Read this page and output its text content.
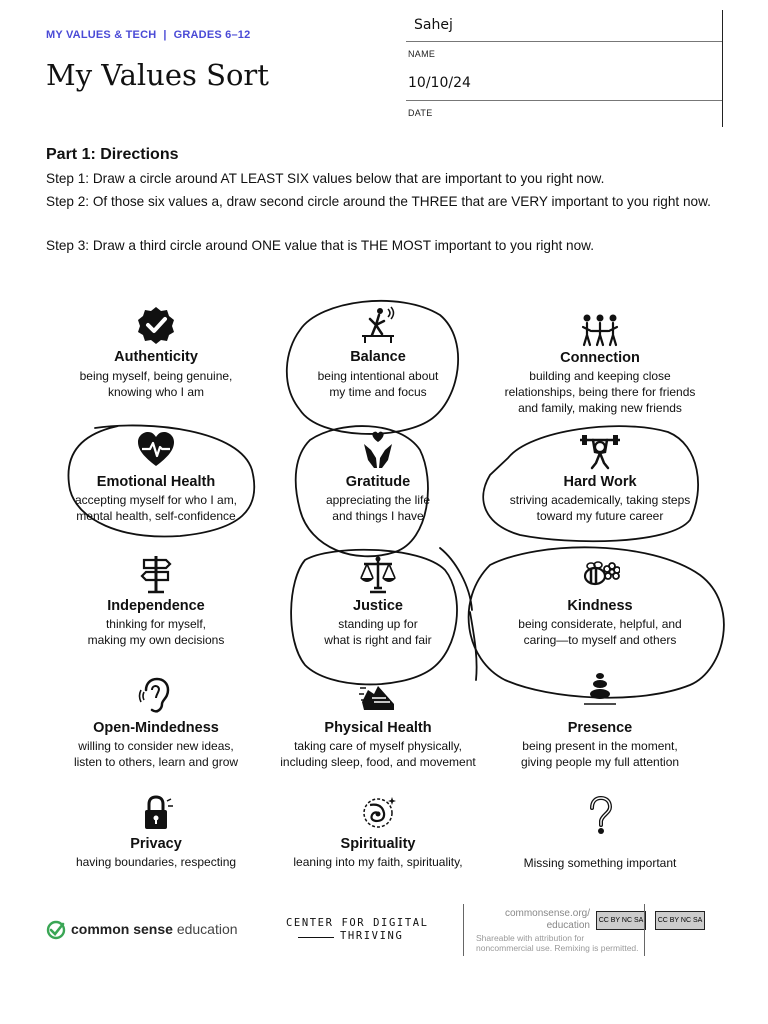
MY VALUES & TECH | GRADES 6–12
My Values Sort
Sahej
NAME
10/10/24
DATE
Part 1: Directions
Step 1: Draw a circle around AT LEAST SIX values below that are important to you right now.
Step 2: Of those six values a, draw second circle around the THREE that are VERY important to you right now.
Step 3: Draw a third circle around ONE value that is THE MOST important to you right now.
Authenticity
being myself, being genuine,
knowing who I am
Balance
being intentional about
my time and focus
Connection
building and keeping close
relationships, being there for friends
and family, making new friends
Emotional Health
accepting myself for who I am,
mental health, self-confidence
Gratitude
appreciating the life
and things I have
Hard Work
striving academically, taking steps
toward my future career
Independence
thinking for myself,
making my own decisions
Justice
standing up for
what is right and fair
Kindness
being considerate, helpful, and
caring—to myself and others
Open-Mindedness
willing to consider new ideas,
listen to others, learn and grow
Physical Health
taking care of myself physically,
including sleep, food, and movement
Presence
being present in the moment,
giving people my full attention
Privacy
having boundaries, respecting
Spirituality
leaning into my faith, spirituality,	Missing something important
common sense education	CENTER FOR DIGITAL
THRIVING
commonsense.org/
education
Shareable with attribution for
noncommercial use. Remixing is permitted.
CC BY NC SA	CC BY NC SA
